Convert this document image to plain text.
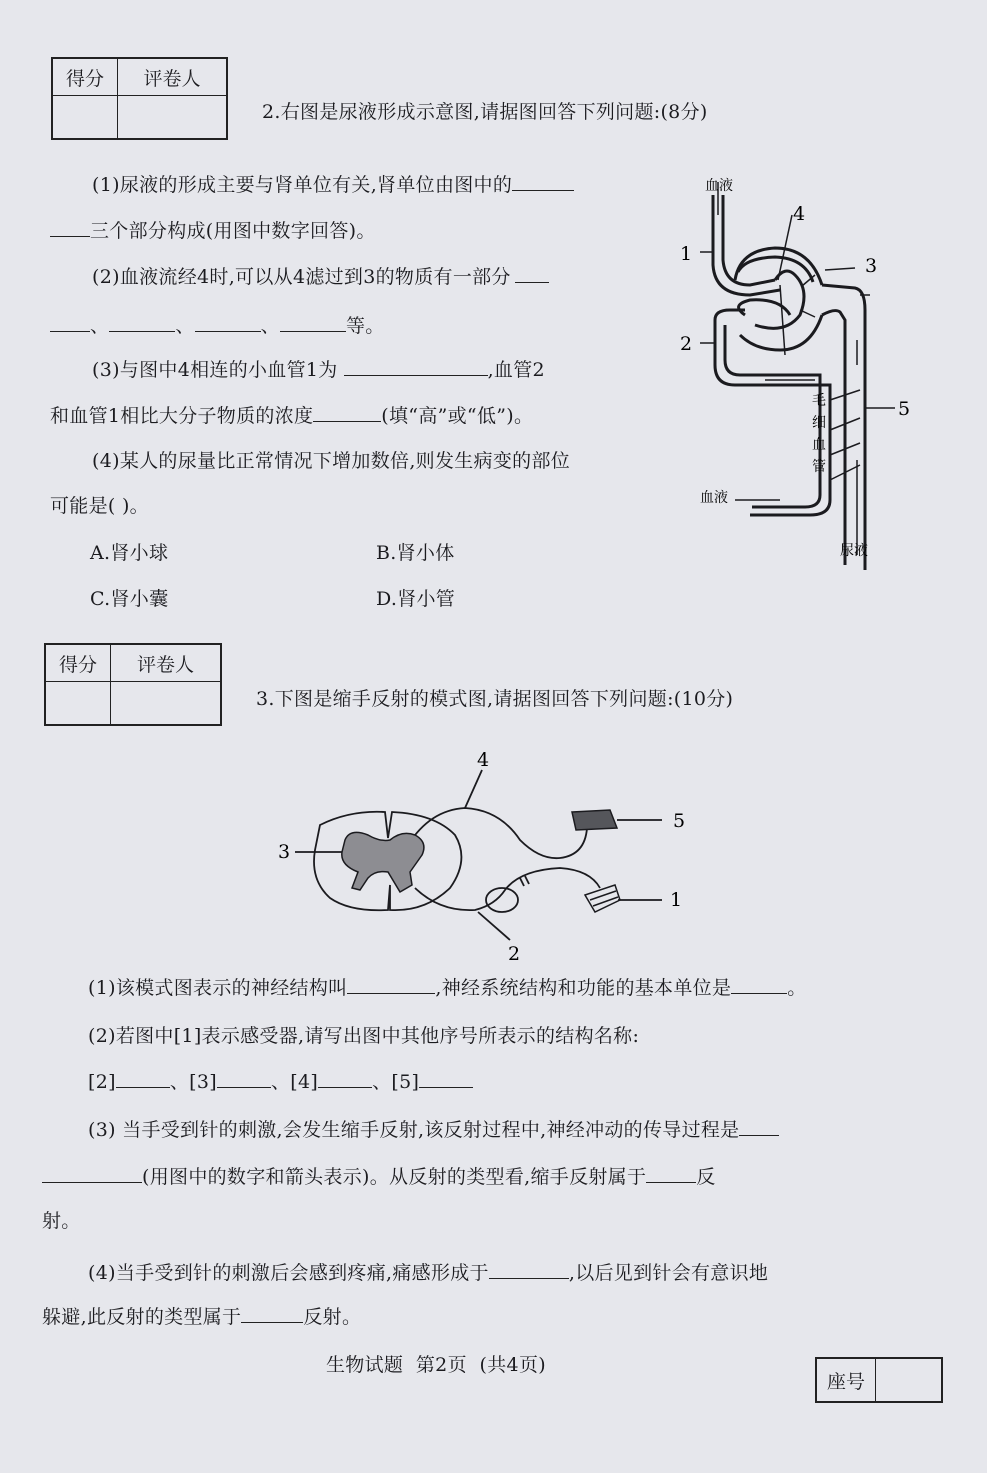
得分	评卷人

2.右图是尿液形成示意图,请据图回答下列问题:(8分)
(1)尿液的形成主要与肾单位有关,肾单位由图中的
三个部分构成(用图中数字回答)。
(2)血液流经4时,可以从4滤过到3的物质有一部分
、	、	、	等。
(3)与图中4相连的小血管1为	,血管2
和血管1相比大分子物质的浓度	(填“高”或“低”)。
(4)某人的尿量比正常情况下增加数倍,则发生病变的部位
可能是( )。
A.肾小球	B.肾小体
C.肾小囊	D.肾小管
血液
血液
尿液
毛
细
血
管
1
2
3
4
5
得分	评卷人

3.下图是缩手反射的模式图,请据图回答下列问题:(10分)
3
4
5
1
2
(1)该模式图表示的神经结构叫	,神经系统结构和功能的基本单位是	。
(2)若图中[1]表示感受器,请写出图中其他序号所表示的结构名称:
[2]	、[3]	、[4]	、[5]
(3) 当手受到针的刺激,会发生缩手反射,该反射过程中,神经冲动的传导过程是
(用图中的数字和箭头表示)。从反射的类型看,缩手反射属于	反
射。
(4)当手受到针的刺激后会感到疼痛,痛感形成于	,以后见到针会有意识地
躲避,此反射的类型属于	反射。
生物试题  第2页  (共4页)
座号	
